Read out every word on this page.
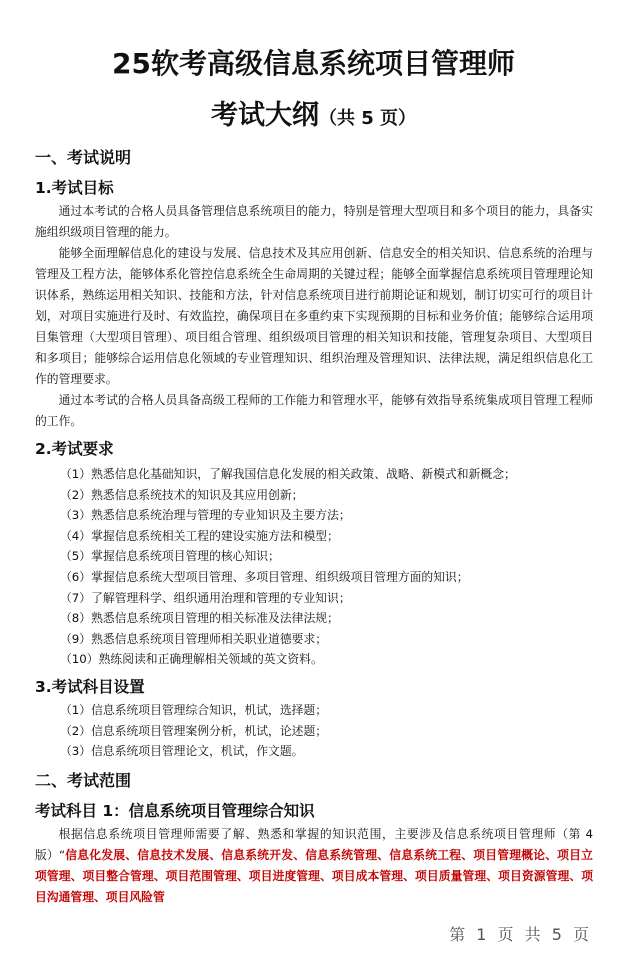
25软考高级信息系统项目管理师
考试大纲（共 5 页）
一、考试说明
1.考试目标

通过本考试的合格人员具备管理信息系统项目的能力，特别是管理大型项目和多个项目的能力，具备实施组织级项目管理的能力。

能够全面理解信息化的建设与发展、信息技术及其应用创新、信息安全的相关知识、信息系统的治理与管理及工程方法，能够体系化管控信息系统全生命周期的关键过程；能够全面掌握信息系统项目管理理论知识体系，熟练运用相关知识、技能和方法，针对信息系统项目进行前期论证和规划，制订切实可行的项目计划，对项目实施进行及时、有效监控，确保项目在多重约束下实现预期的目标和业务价值；能够综合运用项目集管理（大型项目管理）、项目组合管理、组织级项目管理的相关知识和技能，管理复杂项目、大型项目和多项目；能够综合运用信息化领域的专业管理知识、组织治理及管理知识、法律法规，满足组织信息化工作的管理要求。

通过本考试的合格人员具备高级工程师的工作能力和管理水平，能够有效指导系统集成项目管理工程师的工作。

2.考试要求
（1）熟悉信息化基础知识，了解我国信息化发展的相关政策、战略、新模式和新概念；
（2）熟悉信息系统技术的知识及其应用创新；
（3）熟悉信息系统治理与管理的专业知识及主要方法；
（4）掌握信息系统相关工程的建设实施方法和模型；
（5）掌握信息系统项目管理的核心知识；
（6）掌握信息系统大型项目管理、多项目管理、组织级项目管理方面的知识；
（7）了解管理科学、组织通用治理和管理的专业知识；
（8）熟悉信息系统项目管理的相关标准及法律法规；
（9）熟悉信息系统项目管理师相关职业道德要求；
（10）熟练阅读和正确理解相关领域的英文资料。
3.考试科目设置
（1）信息系统项目管理综合知识，机试，选择题；
（2）信息系统项目管理案例分析，机试，论述题；
（3）信息系统项目管理论文，机试，作文题。
二、考试范围
考试科目 1：信息系统项目管理综合知识

根据信息系统项目管理师需要了解、熟悉和掌握的知识范围，主要涉及信息系统项目管理师（第 4 版）“信息化发展、信息技术发展、信息系统开发、信息系统管理、信息系统工程、项目管理概论、项目立项管理、项目整合管理、项目范围管理、项目进度管理、项目成本管理、项目质量管理、项目资源管理、项目沟通管理、项目风险管

第 1 页 共 5 页
